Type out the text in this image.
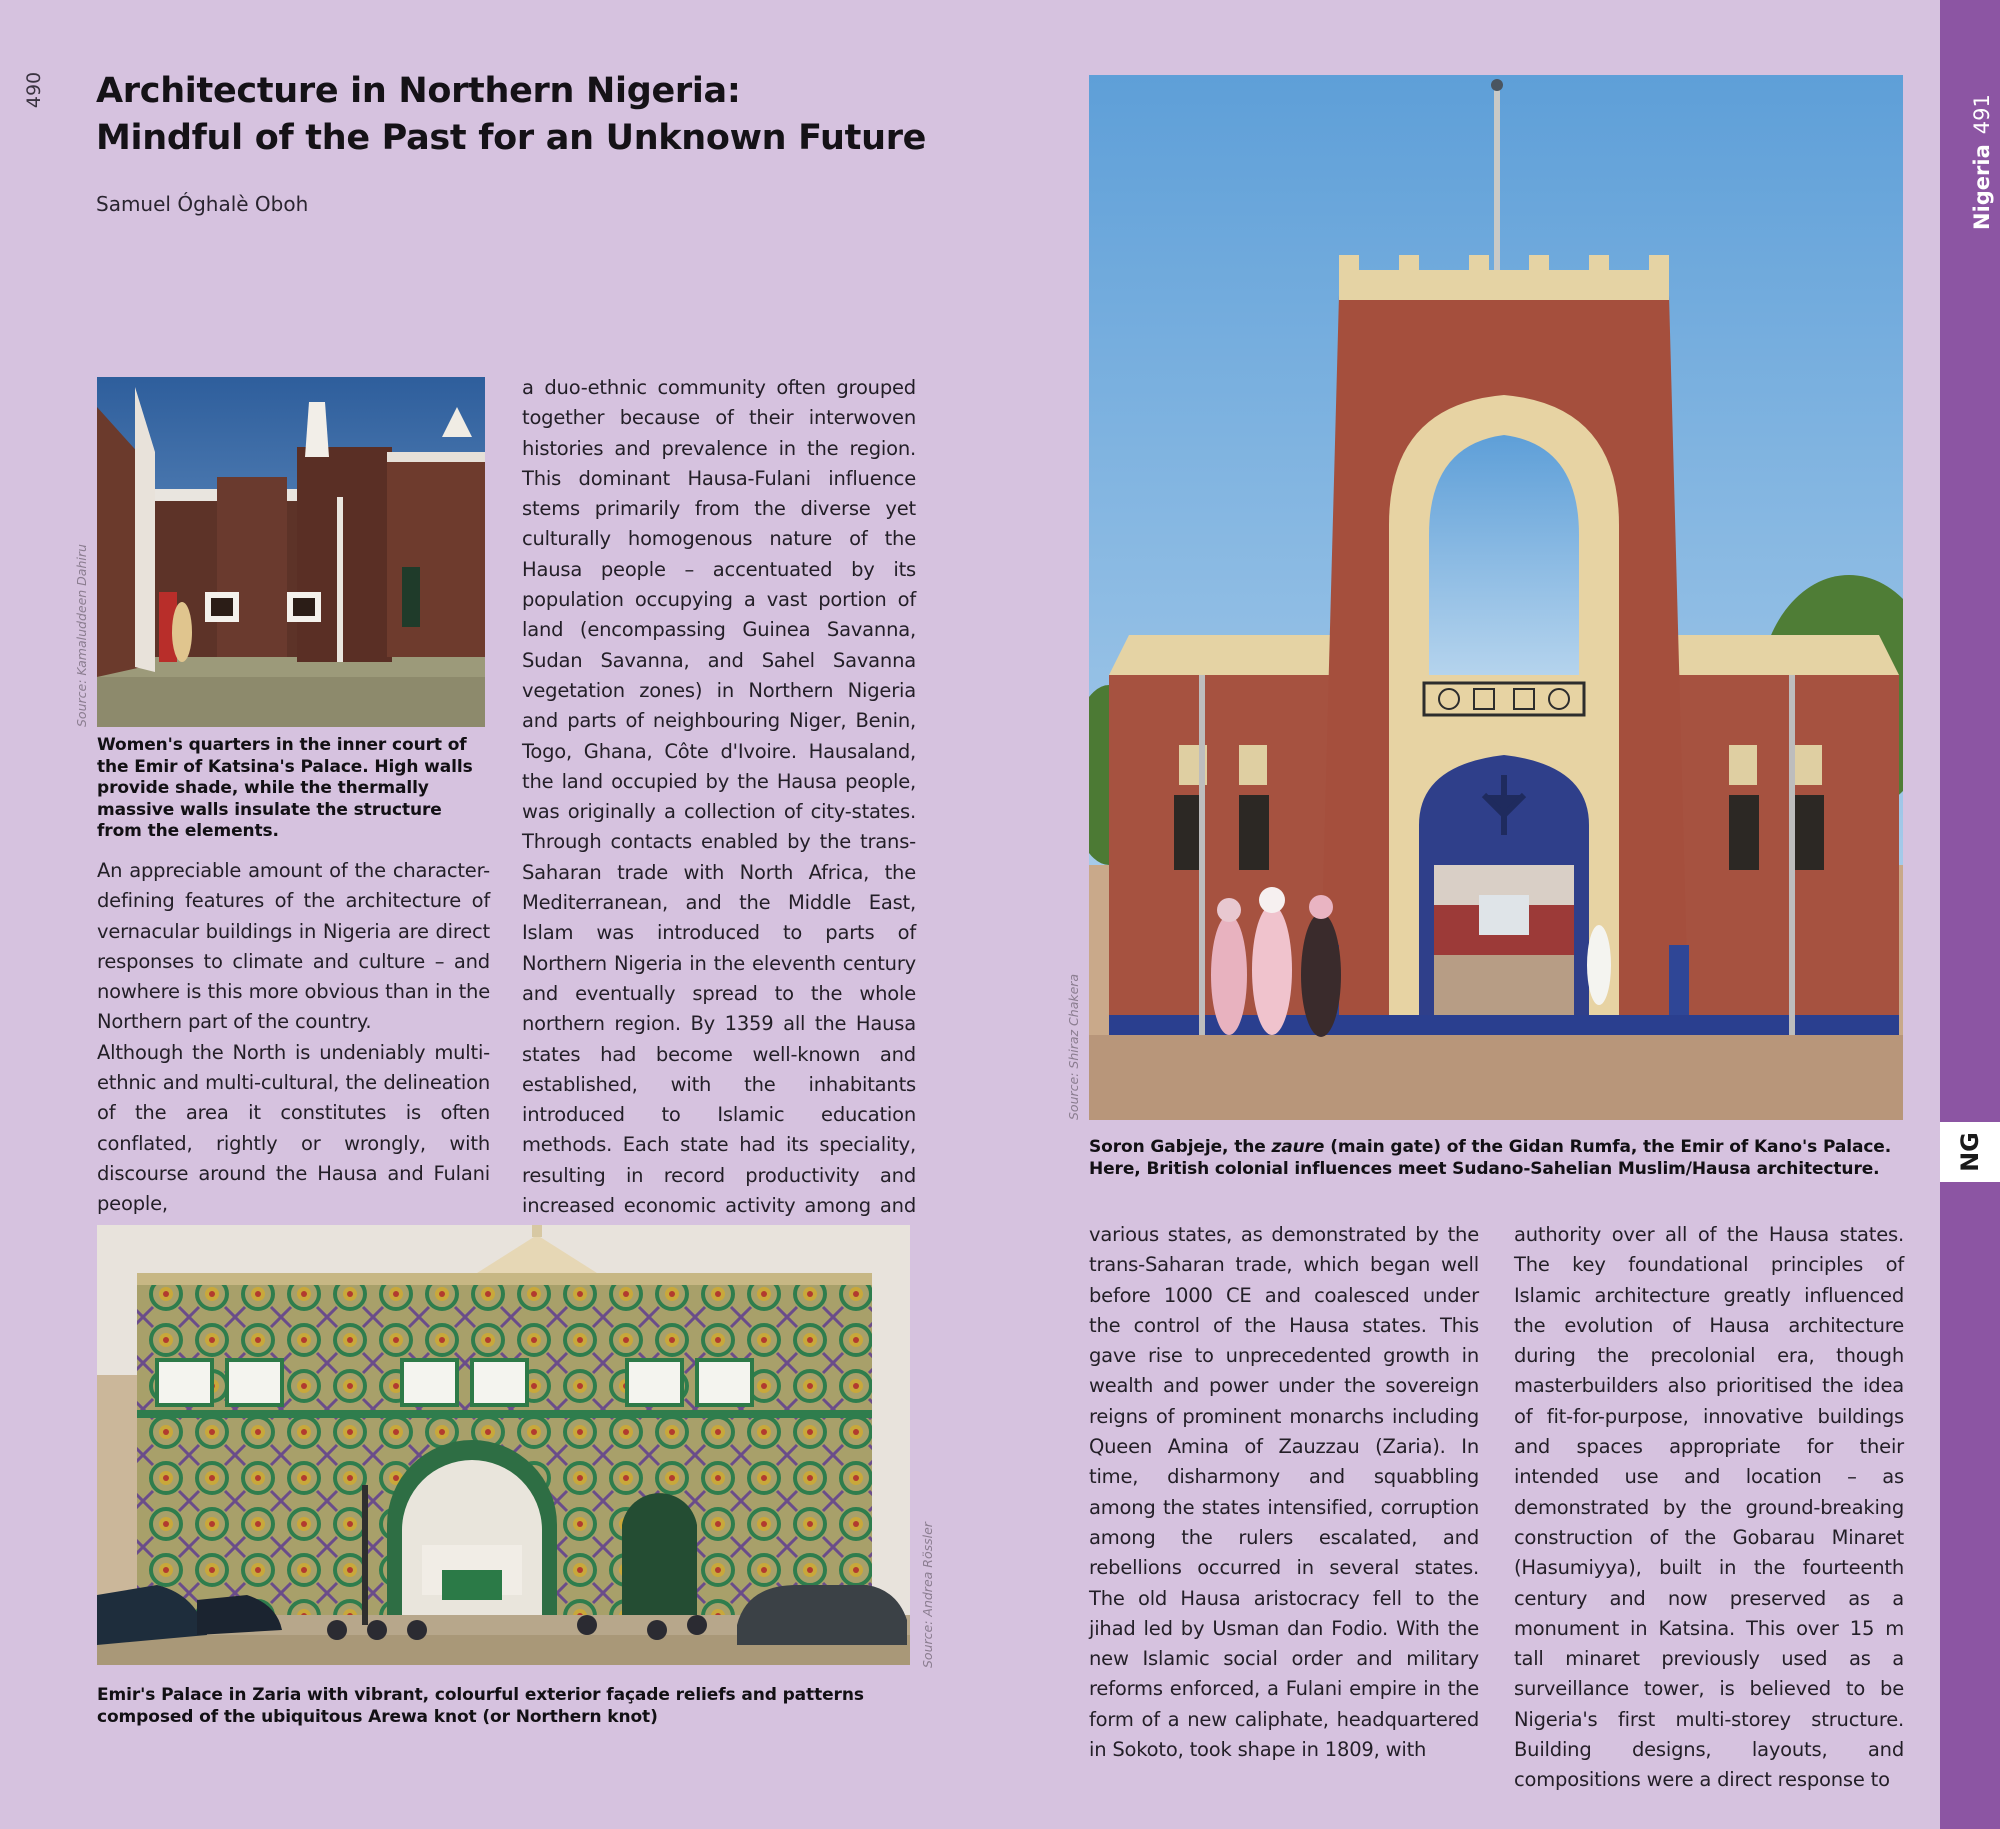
490 Architecture in Northern Nigeria:
Mindful of the Past for an Unknown Future
Samuel Óghalè Oboh
Source: Kamaluddeen Dahiru
Women's quarters in the inner court of the Emir of Katsina's Palace. High walls provide shade, while the thermally massive walls insulate the structure from the elements.

An appreciable amount of the character-defining features of the architecture of vernacular buildings in Nigeria are direct responses to climate and culture – and nowhere is this more obvious than in the Northern part of the country.

Although the North is undeniably multi-ethnic and multi-cultural, the delineation of the area it constitutes is often conflated, rightly or wrongly, with discourse around the Hausa and Fulani people,

a duo-ethnic community often grouped together because of their interwoven histories and prevalence in the region. This dominant Hausa-Fulani influence stems primarily from the diverse yet culturally homogenous nature of the Hausa people – accentuated by its population occupying a vast portion of land (encompassing Guinea Savanna, Sudan Savanna, and Sahel Savanna vegetation zones) in Northern Nigeria and parts of neighbouring Niger, Benin, Togo, Ghana, Côte d'Ivoire. Hausaland, the land occupied by the Hausa people, was originally a collection of city-states. Through contacts enabled by the trans-Saharan trade with North Africa, the Mediterranean, and the Middle East, Islam was introduced to parts of Northern Nigeria in the eleventh century and eventually spread to the whole northern region. By 1359 all the Hausa states had become well-known and established, with the inhabitants introduced to Islamic education methods. Each state had its speciality, resulting in record productivity and increased economic activity among and

Source: Andrea Rössler
Emir's Palace in Zaria with vibrant, colourful exterior façade reliefs and patterns composed of the ubiquitous Arewa knot (or Northern knot)
Source: Shiraz Chakera
Soron Gabjeje, the zaure (main gate) of the Gidan Rumfa, the Emir of Kano's Palace. Here, British colonial influences meet Sudano-Sahelian Muslim/Hausa architecture.

various states, as demonstrated by the trans-Saharan trade, which began well before 1000 CE and coalesced under the control of the Hausa states. This gave rise to unprecedented growth in wealth and power under the sovereign reigns of prominent monarchs including Queen Amina of Zauzzau (Zaria). In time, disharmony and squabbling among the states intensified, corruption among the rulers escalated, and rebellions occurred in several states. The old Hausa aristocracy fell to the jihad led by Usman dan Fodio. With the new Islamic social order and military reforms enforced, a Fulani empire in the form of a new caliphate, headquartered in Sokoto, took shape in 1809, with

authority over all of the Hausa states. The key foundational principles of Islamic architecture greatly influenced the evolution of Hausa architecture during the precolonial era, though masterbuilders also prioritised the idea of fit-for-purpose, innovative buildings and spaces appropriate for their intended use and location – as demonstrated by the ground-breaking construction of the Gobarau Minaret (Hasumiyya), built in the fourteenth century and now preserved as a monument in Katsina. This over 15 m tall minaret previously used as a surveillance tower, is believed to be Nigeria's first multi-storey structure. Building designs, layouts, and compositions were a direct response to

Nigeria491
NG
